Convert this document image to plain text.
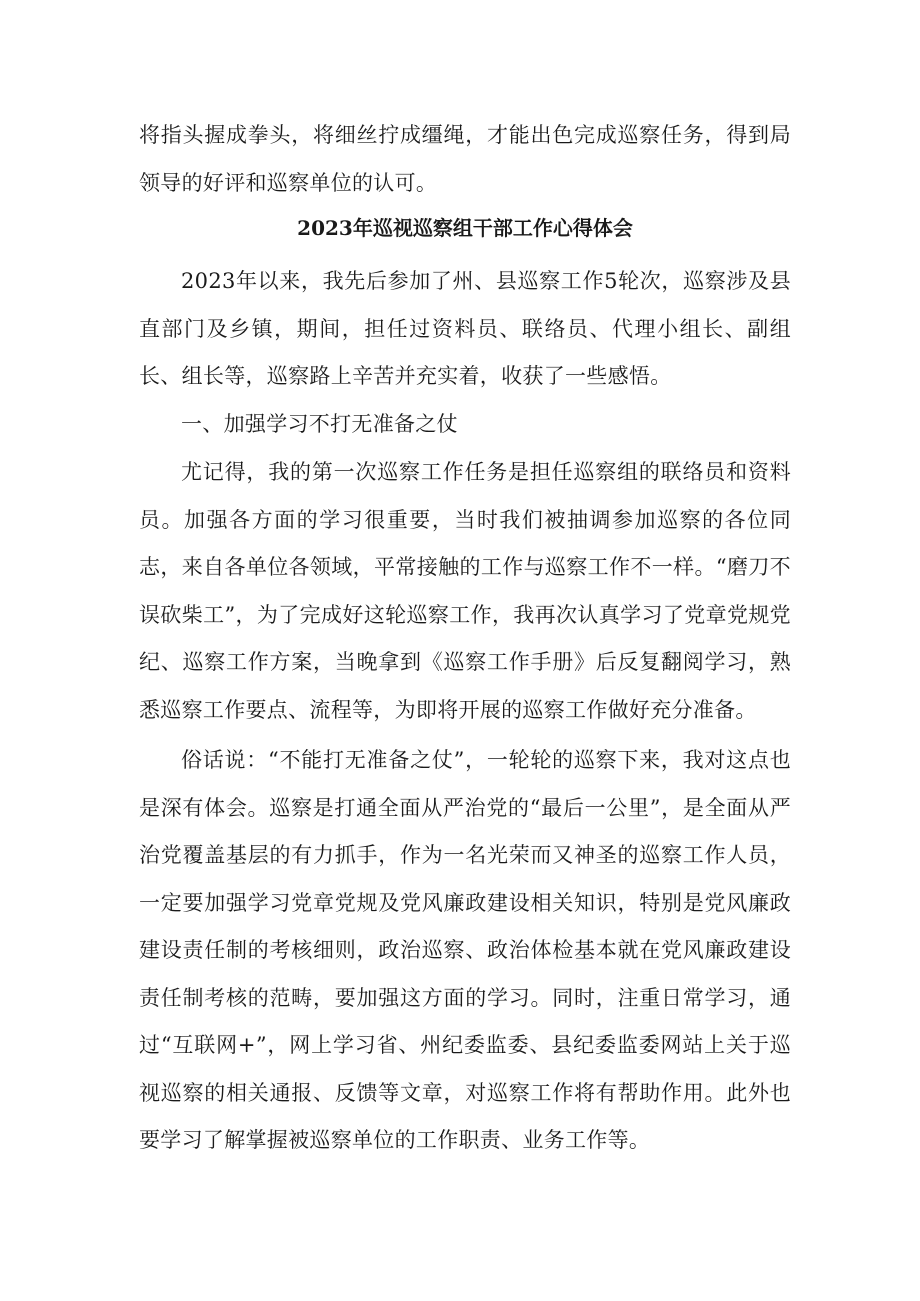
将指头握成拳头，将细丝拧成缰绳，才能出色完成巡察任务，得到局领导的好评和巡察单位的认可。

2023年巡视巡察组干部工作心得体会

2023年以来，我先后参加了州、县巡察工作5轮次，巡察涉及县直部门及乡镇，期间，担任过资料员、联络员、代理小组长、副组长、组长等，巡察路上辛苦并充实着，收获了一些感悟。

一、加强学习不打无准备之仗

尤记得，我的第一次巡察工作任务是担任巡察组的联络员和资料员。加强各方面的学习很重要，当时我们被抽调参加巡察的各位同志，来自各单位各领域，平常接触的工作与巡察工作不一样。“磨刀不误砍柴工”，为了完成好这轮巡察工作，我再次认真学习了党章党规党纪、巡察工作方案，当晚拿到《巡察工作手册》后反复翻阅学习，熟悉巡察工作要点、流程等，为即将开展的巡察工作做好充分准备。

俗话说：“不能打无准备之仗”，一轮轮的巡察下来，我对这点也是深有体会。巡察是打通全面从严治党的“最后一公里”，是全面从严治党覆盖基层的有力抓手，作为一名光荣而又神圣的巡察工作人员，一定要加强学习党章党规及党风廉政建设相关知识，特别是党风廉政建设责任制的考核细则，政治巡察、政治体检基本就在党风廉政建设责任制考核的范畴，要加强这方面的学习。同时，注重日常学习，通过“互联网+”，网上学习省、州纪委监委、县纪委监委网站上关于巡视巡察的相关通报、反馈等文章，对巡察工作将有帮助作用。此外也要学习了解掌握被巡察单位的工作职责、业务工作等。
